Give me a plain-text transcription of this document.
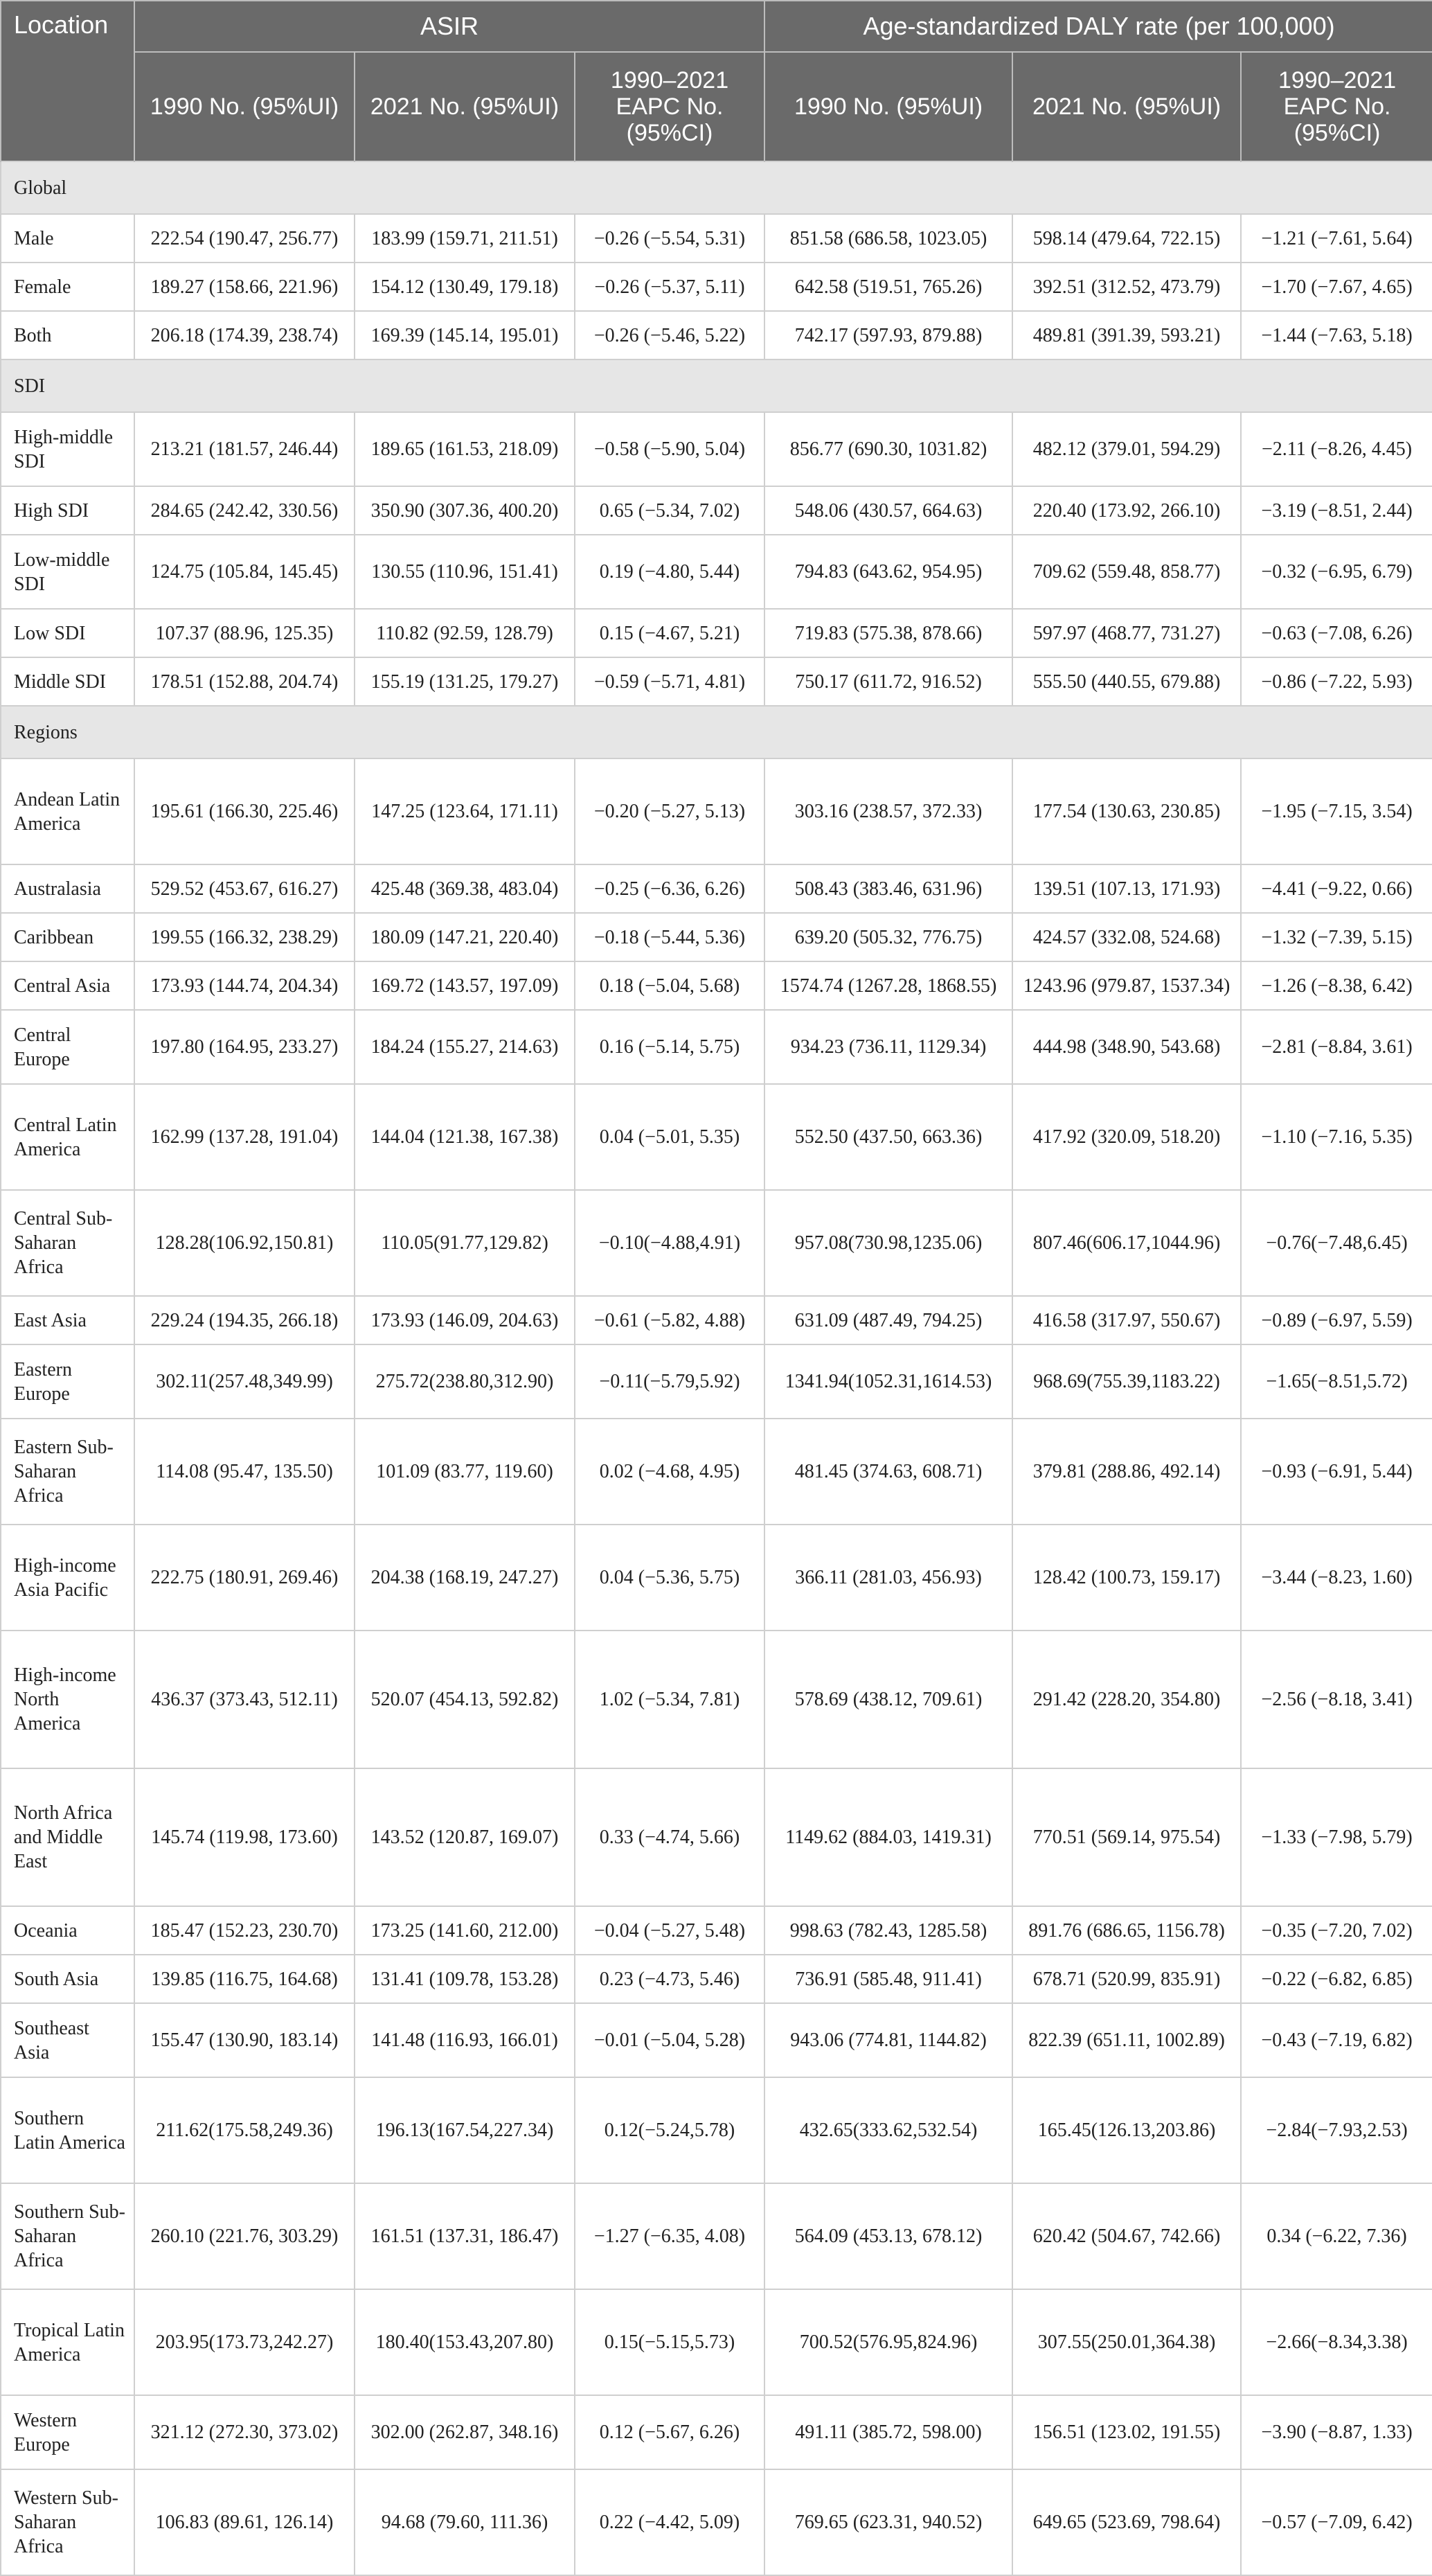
Location	ASIR			Age-standardized DALY rate (per 100,000)		
	1990 No. (95%UI)	2021 No. (95%UI)	1990–2021 EAPC No. (95%CI)	1990 No. (95%UI)	2021 No. (95%UI)	1990–2021 EAPC No. (95%CI)
Global						
Male	222.54 (190.47, 256.77)	183.99 (159.71, 211.51)	−0.26 (−5.54, 5.31)	851.58 (686.58, 1023.05)	598.14 (479.64, 722.15)	−1.21 (−7.61, 5.64)
Female	189.27 (158.66, 221.96)	154.12 (130.49, 179.18)	−0.26 (−5.37, 5.11)	642.58 (519.51, 765.26)	392.51 (312.52, 473.79)	−1.70 (−7.67, 4.65)
Both	206.18 (174.39, 238.74)	169.39 (145.14, 195.01)	−0.26 (−5.46, 5.22)	742.17 (597.93, 879.88)	489.81 (391.39, 593.21)	−1.44 (−7.63, 5.18)
SDI						
High-middle SDI	213.21 (181.57, 246.44)	189.65 (161.53, 218.09)	−0.58 (−5.90, 5.04)	856.77 (690.30, 1031.82)	482.12 (379.01, 594.29)	−2.11 (−8.26, 4.45)
High SDI	284.65 (242.42, 330.56)	350.90 (307.36, 400.20)	0.65 (−5.34, 7.02)	548.06 (430.57, 664.63)	220.40 (173.92, 266.10)	−3.19 (−8.51, 2.44)
Low-middle SDI	124.75 (105.84, 145.45)	130.55 (110.96, 151.41)	0.19 (−4.80, 5.44)	794.83 (643.62, 954.95)	709.62 (559.48, 858.77)	−0.32 (−6.95, 6.79)
Low SDI	107.37 (88.96, 125.35)	110.82 (92.59, 128.79)	0.15 (−4.67, 5.21)	719.83 (575.38, 878.66)	597.97 (468.77, 731.27)	−0.63 (−7.08, 6.26)
Middle SDI	178.51 (152.88, 204.74)	155.19 (131.25, 179.27)	−0.59 (−5.71, 4.81)	750.17 (611.72, 916.52)	555.50 (440.55, 679.88)	−0.86 (−7.22, 5.93)
Regions						
Andean Latin America	195.61 (166.30, 225.46)	147.25 (123.64, 171.11)	−0.20 (−5.27, 5.13)	303.16 (238.57, 372.33)	177.54 (130.63, 230.85)	−1.95 (−7.15, 3.54)
Australasia	529.52 (453.67, 616.27)	425.48 (369.38, 483.04)	−0.25 (−6.36, 6.26)	508.43 (383.46, 631.96)	139.51 (107.13, 171.93)	−4.41 (−9.22, 0.66)
Caribbean	199.55 (166.32, 238.29)	180.09 (147.21, 220.40)	−0.18 (−5.44, 5.36)	639.20 (505.32, 776.75)	424.57 (332.08, 524.68)	−1.32 (−7.39, 5.15)
Central Asia	173.93 (144.74, 204.34)	169.72 (143.57, 197.09)	0.18 (−5.04, 5.68)	1574.74 (1267.28, 1868.55)	1243.96 (979.87, 1537.34)	−1.26 (−8.38, 6.42)
Central Europe	197.80 (164.95, 233.27)	184.24 (155.27, 214.63)	0.16 (−5.14, 5.75)	934.23 (736.11, 1129.34)	444.98 (348.90, 543.68)	−2.81 (−8.84, 3.61)
Central Latin America	162.99 (137.28, 191.04)	144.04 (121.38, 167.38)	0.04 (−5.01, 5.35)	552.50 (437.50, 663.36)	417.92 (320.09, 518.20)	−1.10 (−7.16, 5.35)
Central Sub-Saharan Africa	128.28(106.92,150.81)	110.05(91.77,129.82)	−0.10(−4.88,4.91)	957.08(730.98,1235.06)	807.46(606.17,1044.96)	−0.76(−7.48,6.45)
East Asia	229.24 (194.35, 266.18)	173.93 (146.09, 204.63)	−0.61 (−5.82, 4.88)	631.09 (487.49, 794.25)	416.58 (317.97, 550.67)	−0.89 (−6.97, 5.59)
Eastern Europe	302.11(257.48,349.99)	275.72(238.80,312.90)	−0.11(−5.79,5.92)	1341.94(1052.31,1614.53)	968.69(755.39,1183.22)	−1.65(−8.51,5.72)
Eastern Sub-Saharan Africa	114.08 (95.47, 135.50)	101.09 (83.77, 119.60)	0.02 (−4.68, 4.95)	481.45 (374.63, 608.71)	379.81 (288.86, 492.14)	−0.93 (−6.91, 5.44)
High-income Asia Pacific	222.75 (180.91, 269.46)	204.38 (168.19, 247.27)	0.04 (−5.36, 5.75)	366.11 (281.03, 456.93)	128.42 (100.73, 159.17)	−3.44 (−8.23, 1.60)
High-income North America	436.37 (373.43, 512.11)	520.07 (454.13, 592.82)	1.02 (−5.34, 7.81)	578.69 (438.12, 709.61)	291.42 (228.20, 354.80)	−2.56 (−8.18, 3.41)
North Africa and Middle East	145.74 (119.98, 173.60)	143.52 (120.87, 169.07)	0.33 (−4.74, 5.66)	1149.62 (884.03, 1419.31)	770.51 (569.14, 975.54)	−1.33 (−7.98, 5.79)
Oceania	185.47 (152.23, 230.70)	173.25 (141.60, 212.00)	−0.04 (−5.27, 5.48)	998.63 (782.43, 1285.58)	891.76 (686.65, 1156.78)	−0.35 (−7.20, 7.02)
South Asia	139.85 (116.75, 164.68)	131.41 (109.78, 153.28)	0.23 (−4.73, 5.46)	736.91 (585.48, 911.41)	678.71 (520.99, 835.91)	−0.22 (−6.82, 6.85)
Southeast Asia	155.47 (130.90, 183.14)	141.48 (116.93, 166.01)	−0.01 (−5.04, 5.28)	943.06 (774.81, 1144.82)	822.39 (651.11, 1002.89)	−0.43 (−7.19, 6.82)
Southern Latin America	211.62(175.58,249.36)	196.13(167.54,227.34)	0.12(−5.24,5.78)	432.65(333.62,532.54)	165.45(126.13,203.86)	−2.84(−7.93,2.53)
Southern Sub-Saharan Africa	260.10 (221.76, 303.29)	161.51 (137.31, 186.47)	−1.27 (−6.35, 4.08)	564.09 (453.13, 678.12)	620.42 (504.67, 742.66)	0.34 (−6.22, 7.36)
Tropical Latin America	203.95(173.73,242.27)	180.40(153.43,207.80)	0.15(−5.15,5.73)	700.52(576.95,824.96)	307.55(250.01,364.38)	−2.66(−8.34,3.38)
Western Europe	321.12 (272.30, 373.02)	302.00 (262.87, 348.16)	0.12 (−5.67, 6.26)	491.11 (385.72, 598.00)	156.51 (123.02, 191.55)	−3.90 (−8.87, 1.33)
Western Sub-Saharan Africa	106.83 (89.61, 126.14)	94.68 (79.60, 111.36)	0.22 (−4.42, 5.09)	769.65 (623.31, 940.52)	649.65 (523.69, 798.64)	−0.57 (−7.09, 6.42)
